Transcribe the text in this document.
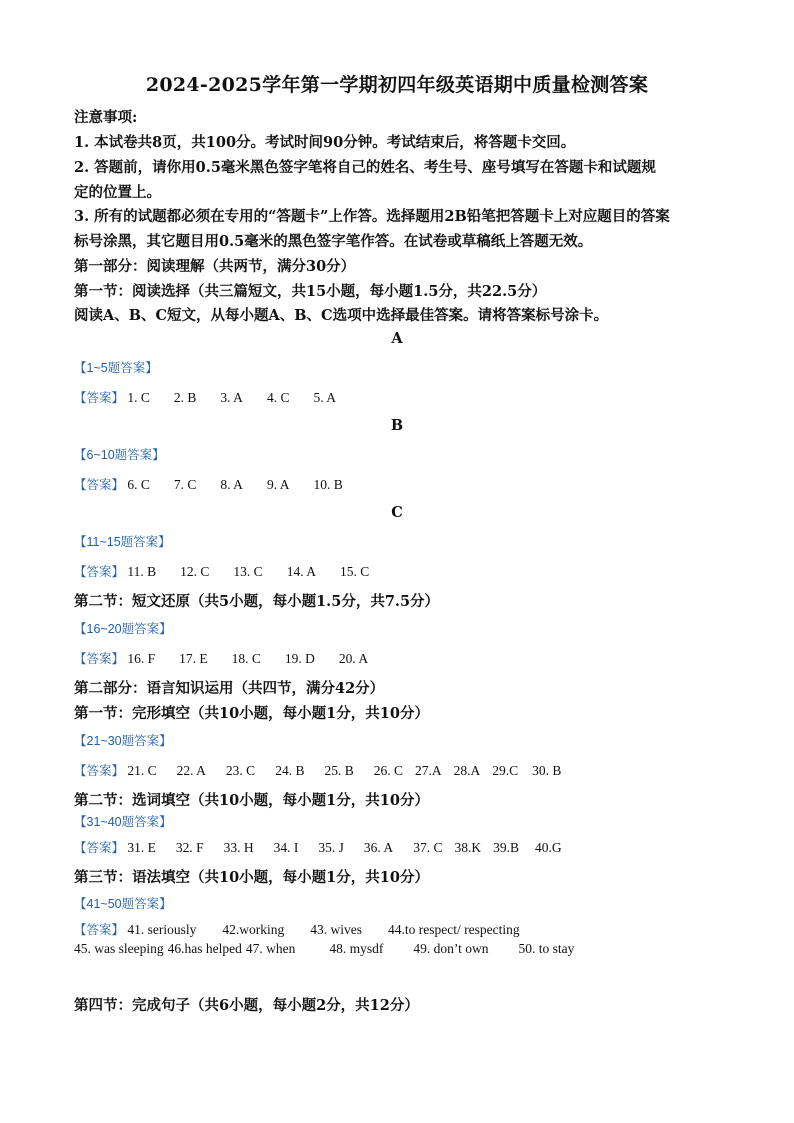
2024-2025学年第一学期初四年级英语期中质量检测答案
注意事项:
1. 本试卷共8页，共100分。考试时间90分钟。考试结束后，将答题卡交回。
2. 答题前，请你用0.5毫米黑色签字笔将自己的姓名、考生号、座号填写在答题卡和试题规
定的位置上。
3. 所有的试题都必须在专用的“答题卡”上作答。选择题用2B铅笔把答题卡上对应题目的答案
标号涂黑，其它题目用0.5毫米的黑色签字笔作答。在试卷或草稿纸上答题无效。
第一部分：阅读理解（共两节，满分30分）
第一节：阅读选择（共三篇短文，共15小题，每小题1.5分，共22.5分）
阅读A、B、C短文，从每小题A、B、C选项中选择最佳答案。请将答案标号涂卡。
A
【1~5题答案】
【答案】 1. C 2. B 3. A 4. C 5. A
B
【6~10题答案】
【答案】 6. C 7. C 8. A 9. A 10. B
C
【11~15题答案】
【答案】 11. B 12. C 13. C 14. A 15. C
第二节：短文还原（共5小题，每小题1.5分，共7.5分）
【16~20题答案】
【答案】 16. F 17. E 18. C 19. D 20. A
第二部分：语言知识运用（共四节，满分42分）
第一节：完形填空（共10小题，每小题1分，共10分）
【21~30题答案】
【答案】 21. C 22. A 23. C 24. B 25. B 26. C 27.A 28.A 29.C 30. B
第二节：选词填空（共10小题，每小题1分，共10分）
【31~40题答案】
【答案】 31. E 32. F 33. H 34. I 35. J 36. A 37. C 38.K 39.B 40.G
第三节：语法填空（共10小题，每小题1分，共10分）
【41~50题答案】
【答案】 41. seriously 42.working 43. wives 44.to respect/ respecting
45. was sleeping 46.has helped 47. when	48. mysdf 49. don’t own 50. to stay
第四节：完成句子（共6小题，每小题2分，共12分）
